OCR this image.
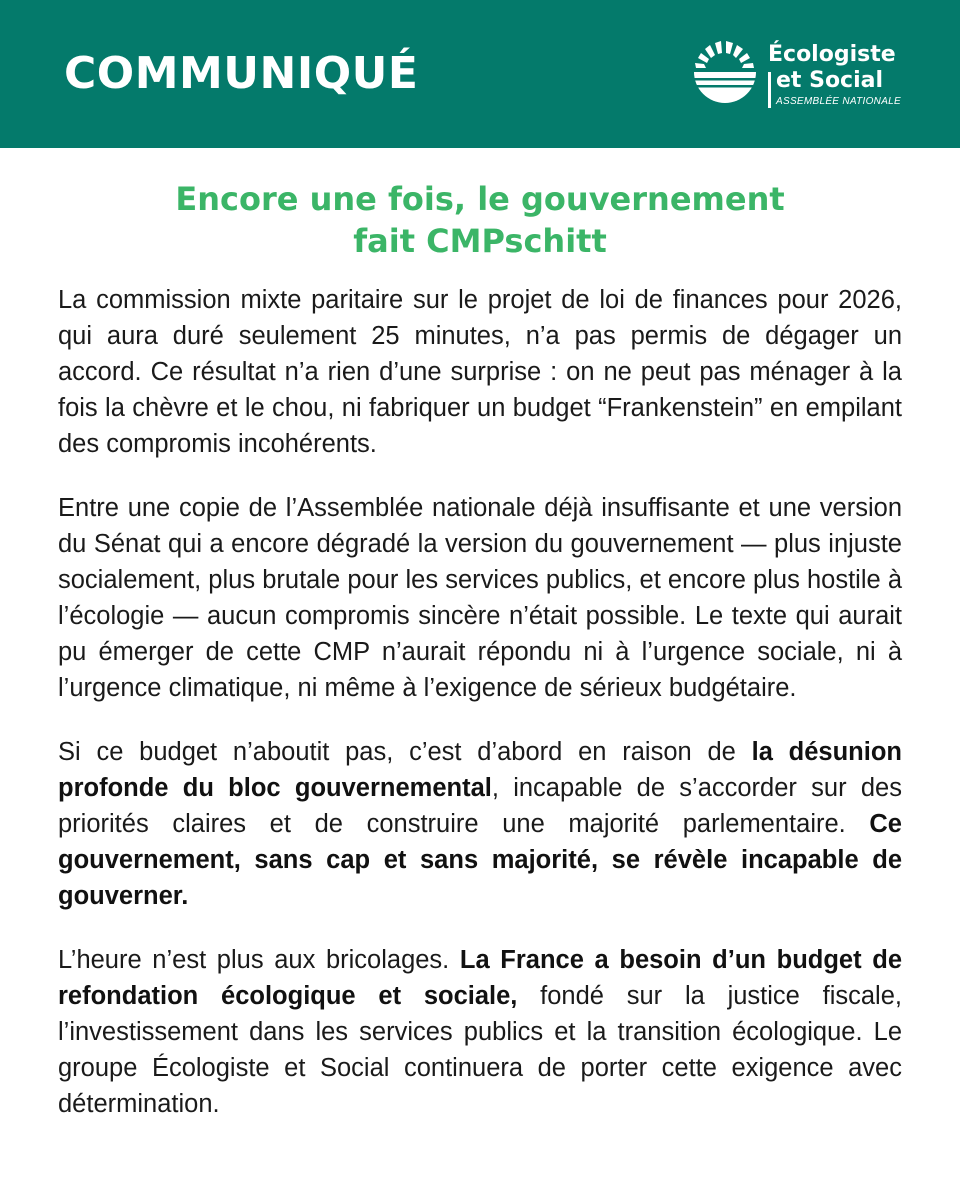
COMMUNIQUÉ	Écologiste
et Social
ASSEMBLÉE NATIONALE
Encore une fois, le gouvernement
fait CMPschitt

La commission mixte paritaire sur le projet de loi de finances pour 2026, qui aura duré seulement 25 minutes, n’a pas permis de dégager un accord. Ce résultat n’a rien d’une surprise : on ne peut pas ménager à la fois la chèvre et le chou, ni fabriquer un budget “Frankenstein” en empilant des compromis incohérents.

Entre une copie de l’Assemblée nationale déjà insuffisante et une version du Sénat qui a encore dégradé la version du gouvernement — plus injuste socialement, plus brutale pour les services publics, et encore plus hostile à l’écologie — aucun compromis sincère n’était possible. Le texte qui aurait pu émerger de cette CMP n’aurait répondu ni à l’urgence sociale, ni à l’urgence climatique, ni même à l’exigence de sérieux budgétaire.

Si ce budget n’aboutit pas, c’est d’abord en raison de la désunion profonde du bloc gouvernemental, incapable de s’accorder sur des priorités claires et de construire une majorité parlementaire. Ce gouvernement, sans cap et sans majorité, se révèle incapable de gouverner.

L’heure n’est plus aux bricolages. La France a besoin d’un budget de refondation écologique et sociale, fondé sur la justice fiscale, l’investissement dans les services publics et la transition écologique. Le groupe Écologiste et Social continuera de porter cette exigence avec détermination.
